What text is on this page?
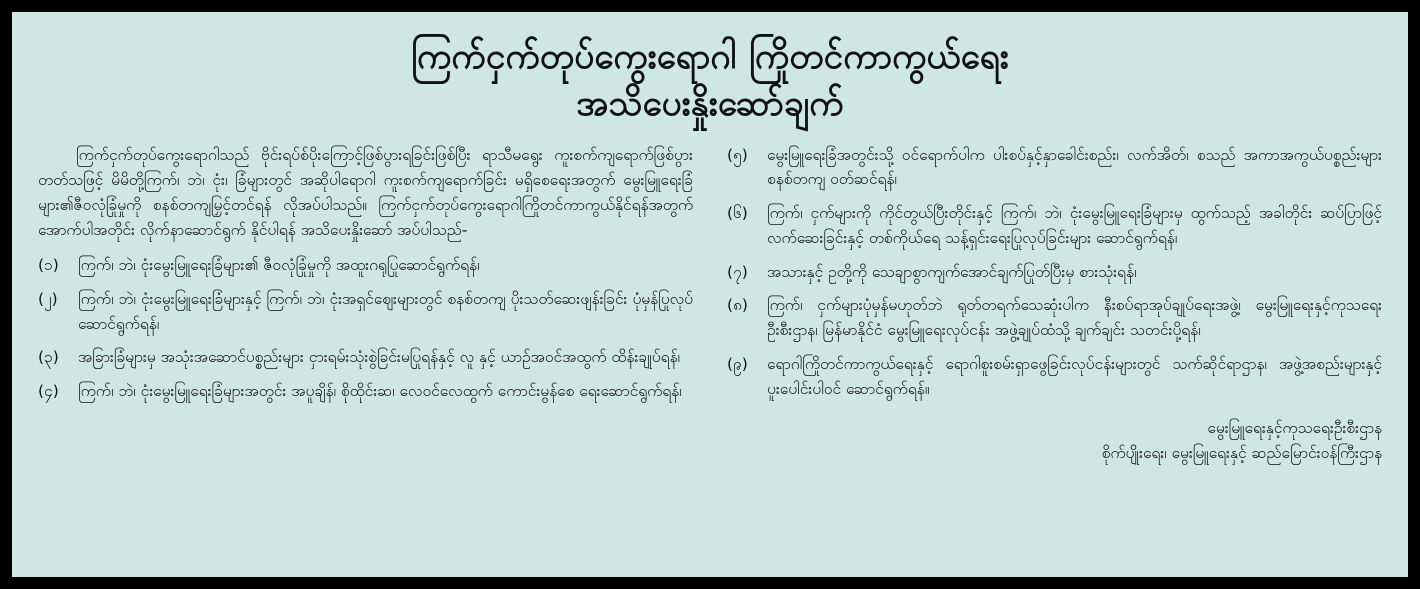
ကြက်ငှက်တုပ်ကွေးရောဂါ ကြိုတင်ကာကွယ်ရေး
အသိပေးနှိုးဆော်ချက်

ကြက်ငှက်တုပ်ကွေးရောဂါသည် ဗိုင်းရပ်စ်ပိုးကြောင့်ဖြစ်ပွားရခြင်းဖြစ်ပြီး ရာသီမရွေး ကူးစက်ကျရောက်ဖြစ်ပွားတတ်သဖြင့် မိမိတို့ကြက်၊ ဘဲ၊ ငုံး၊ ခြံများတွင် အဆိုပါရောဂါ ကူးစက်ကျရောက်ခြင်း မရှိစေရေးအတွက် မွေးမြူရေးခြံများ၏ဇီဝလုံခြုံမှုကို စနစ်တကျမြှင့်တင်ရန် လိုအပ်ပါသည်။ ကြက်ငှက်တုပ်ကွေးရောဂါကြိုတင်ကာကွယ်နိုင်ရန်အတွက် အောက်ပါအတိုင်း လိုက်နာဆောင်ရွက် နိုင်ပါရန် အသိပေးနှိုးဆော် အပ်ပါသည်-

(၁)	ကြက်၊ ဘဲ၊ ငုံးမွေးမြူရေးခြံများ၏ ဇီဝလုံခြုံမှုကို အထူးဂရုပြုဆောင်ရွက်ရန်၊
(၂)	ကြက်၊ ဘဲ၊ ငုံးမွေးမြူရေးခြံများနှင့် ကြက်၊ ဘဲ၊ ငုံးအရှင်ဈေးများတွင် စနစ်တကျ ပိုးသတ်ဆေးဖျန်းခြင်း ပုံမှန်ပြုလုပ်ဆောင်ရွက်ရန်၊
(၃)	အခြားခြံများမှ အသုံးအဆောင်ပစ္စည်းများ ငှားရမ်းသုံးစွဲခြင်းမပြုရန်နှင့် လူ နှင့် ယာဉ်အဝင်အထွက် ထိန်းချုပ်ရန်၊
(၄)	ကြက်၊ ဘဲ၊ ငုံးမွေးမြူရေးခြံများအတွင်း အပူချိန်၊ စိုထိုင်းဆ၊ လေဝင်လေထွက် ကောင်းမွန်စေ ရေးဆောင်ရွက်ရန်၊
(၅)	မွေးမြူရေးခြံအတွင်းသို့ ဝင်ရောက်ပါက ပါးစပ်နှင့်နှာခေါင်းစည်း၊ လက်အိတ်၊ စသည် အကာအကွယ်ပစ္စည်းများ စနစ်တကျ ဝတ်ဆင်ရန်၊
(၆)	ကြက်၊ ငှက်များကို ကိုင်တွယ်ပြီးတိုင်းနှင့် ကြက်၊ ဘဲ၊ ငုံးမွေးမြူရေးခြံများမှ ထွက်သည့် အခါတိုင်း ဆပ်ပြာဖြင့် လက်ဆေးခြင်းနှင့် တစ်ကိုယ်ရေ သန့်ရှင်းရေးပြုလုပ်ခြင်းများ ဆောင်ရွက်ရန်၊
(၇)	အသားနှင့် ဥတို့ကို သေချာစွာကျက်အောင်ချက်ပြုတ်ပြီးမှ စားသုံးရန်၊
(၈)	ကြက်၊ ငှက်များပုံမှန်မဟုတ်ဘဲ ရုတ်တရက်သေဆုံးပါက နီးစပ်ရာအုပ်ချုပ်ရေးအဖွဲ့၊ မွေးမြူရေးနှင့်ကုသရေးဦးစီးဌာန၊ မြန်မာနိုင်ငံ မွေးမြူရေးလုပ်ငန်း အဖွဲ့ချုပ်ထံသို့ ချက်ချင်း သတင်းပို့ရန်၊
(၉)	ရောဂါကြိုတင်ကာကွယ်ရေးနှင့် ရောဂါစူးစမ်းရှာဖွေခြင်းလုပ်ငန်းများတွင် သက်ဆိုင်ရာဌာန၊ အဖွဲ့အစည်းများနှင့် ပူးပေါင်းပါဝင် ဆောင်ရွက်ရန်။
မွေးမြူရေးနှင့်ကုသရေးဦးစီးဌာန
စိုက်ပျိုးရေး၊ မွေးမြူရေးနှင့် ဆည်မြောင်းဝန်ကြီးဌာန
